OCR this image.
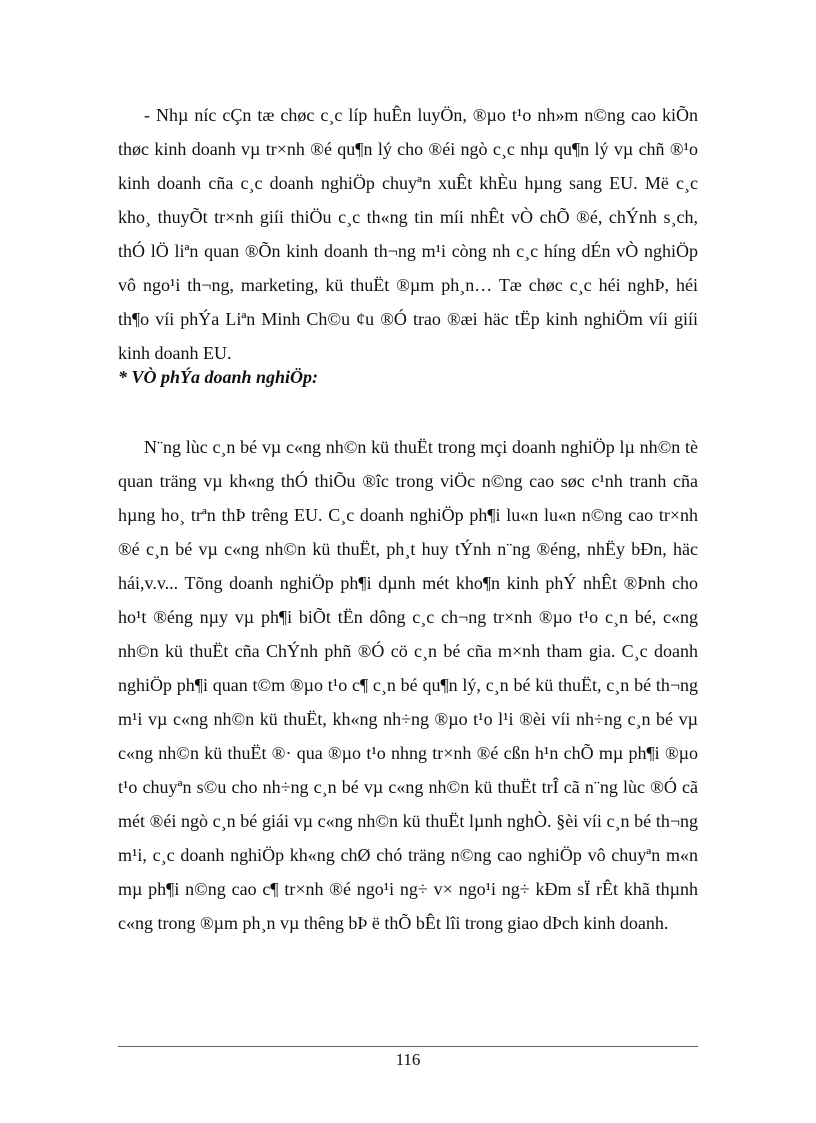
- Nhµ níc cÇn tæ chøc c¸c líp huÊn luyÖn, ®µo t¹o nh»m n©ng cao kiÕn thøc kinh doanh vµ tr×nh ®é qu¶n lý cho ®éi ngò c¸c nhµ qu¶n lý vµ chñ ®¹o kinh doanh cña c¸c doanh nghiÖp chuyªn xuÊt khÈu hµng sang EU. Më c¸c kho¸ thuyÕt tr×nh giíi thiÖu c¸c th«ng tin míi nhÊt vÒ chÕ ®é, chÝnh s¸ch, thÓ lÖ liªn quan ®Õn kinh doanh th¬ng m¹i còng nh c¸c híng dÉn vÒ nghiÖp vô ngo¹i th¬ng, marketing, kü thuËt ®µm ph¸n… Tæ chøc c¸c héi nghÞ, héi th¶o víi phÝa Liªn Minh Ch©u ¢u ®Ó trao ®æi häc tËp kinh nghiÖm víi giíi kinh doanh EU.

* VÒ phÝa doanh nghiÖp:

N¨ng lùc c¸n bé vµ c«ng nh©n kü thuËt trong mçi doanh nghiÖp lµ nh©n tè quan träng vµ kh«ng thÓ thiÕu ®îc trong viÖc n©ng cao søc c¹nh tranh cña hµng ho¸ trªn thÞ trêng EU. C¸c doanh nghiÖp ph¶i lu«n lu«n n©ng cao tr×nh ®é c¸n bé vµ c«ng nh©n kü thuËt, ph¸t huy tÝnh n¨ng ®éng, nhËy bÐn, häc hái,v.v... Tõng doanh nghiÖp ph¶i dµnh mét kho¶n kinh phÝ nhÊt ®Þnh cho ho¹t ®éng nµy vµ ph¶i biÕt tËn dông c¸c ch¬ng tr×nh ®µo t¹o c¸n bé, c«ng nh©n kü thuËt cña ChÝnh phñ ®Ó cö c¸n bé cña m×nh tham gia. C¸c doanh nghiÖp ph¶i quan t©m ®µo t¹o c¶ c¸n bé qu¶n lý, c¸n bé kü thuËt, c¸n bé th¬ng m¹i vµ c«ng nh©n kü thuËt, kh«ng nh÷ng ®µo t¹o l¹i ®èi víi nh÷ng c¸n bé vµ c«ng nh©n kü thuËt ®· qua ®µo t¹o nhng tr×nh ®é cßn h¹n chÕ mµ ph¶i ®µo t¹o chuyªn s©u cho nh÷ng c¸n bé vµ c«ng nh©n kü thuËt trÎ cã n¨ng lùc ®Ó cã mét ®éi ngò c¸n bé giái vµ c«ng nh©n kü thuËt lµnh nghÒ. §èi víi c¸n bé th¬ng m¹i, c¸c doanh nghiÖp kh«ng chØ chó träng n©ng cao nghiÖp vô chuyªn m«n mµ ph¶i n©ng cao c¶ tr×nh ®é ngo¹i ng÷ v× ngo¹i ng÷ kÐm sÏ rÊt khã thµnh c«ng trong ®µm ph¸n vµ thêng bÞ ë thÕ bÊt lîi trong giao dÞch kinh doanh.

116
